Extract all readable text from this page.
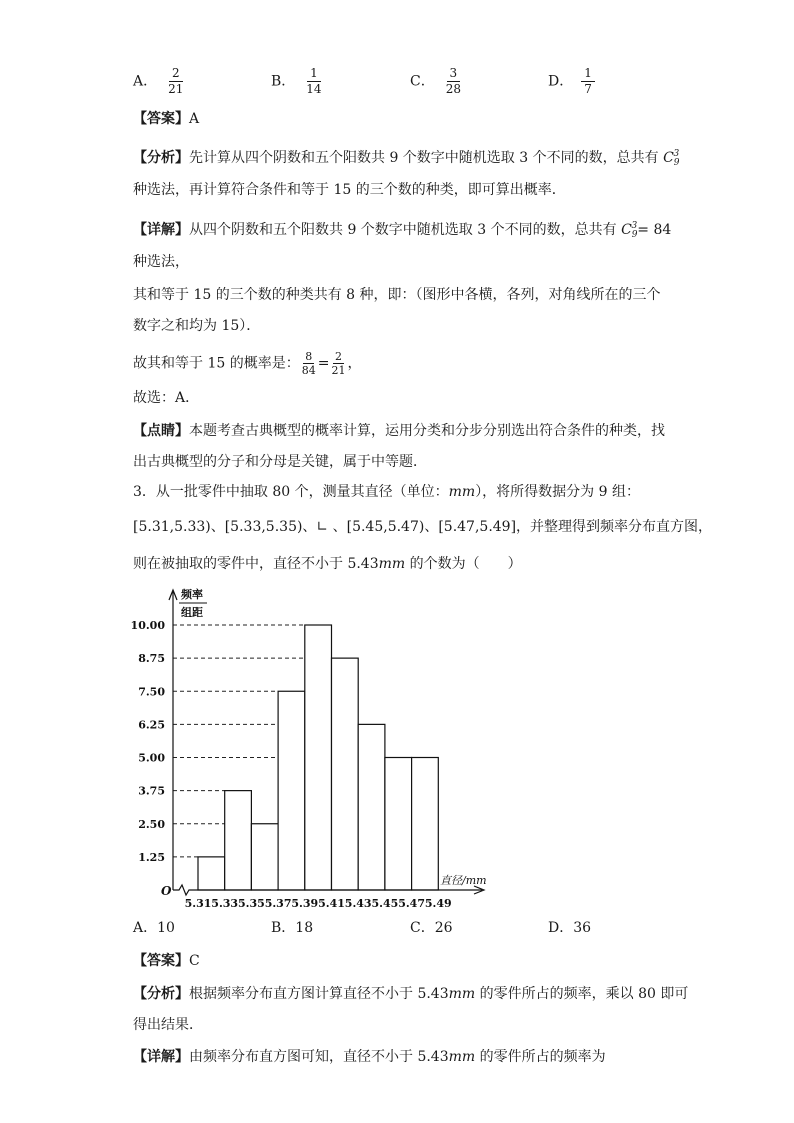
A． $\frac{2}{21}$	B． $\frac{1}{14}$	C． $\frac{3}{28}$	D． $\frac{1}{7}$
【答案】A
【分析】先计算从四个阴数和五个阳数共 9 个数字中随机选取 3 个不同的数，总共有 $C_9^3$
种选法，再计算符合条件和等于 15 的三个数的种类，即可算出概率．
【详解】从四个阴数和五个阳数共 9 个数字中随机选取 3 个不同的数，总共有 $C_9^3= 84$
种选法，
其和等于 15 的三个数的种类共有 8 种，即：（图形中各横，各列，对角线所在的三个
数字之和均为 15）．
故其和等于 15 的概率是： $\frac{8}{84} = \frac{2}{21}$ ，
故选：A．
【点睛】本题考查古典概型的概率计算，运用分类和分步分别选出符合条件的种类，找
出古典概型的分子和分母是关键，属于中等题．
3．从一批零件中抽取 80 个，测量其直径（单位：mm），将所得数据分为 9 组：
[5.31,5.33)、[5.33,5.35)、∟ 、[5.45,5.47)、[5.47,5.49]，并整理得到频率分布直方图，
则在被抽取的零件中，直径不小于 5.43mm 的个数为（　　）
1.25
2.50
3.75
5.00
6.25
7.50
8.75
10.00
5.31 5.33 5.35 5.37 5.39 5.41 5.43 5.45 5.47 5.49
频率
组距
直径/mm
O
A．10	B．18	C．26	D．36
【答案】C
【分析】根据频率分布直方图计算直径不小于 5.43mm 的零件所占的频率，乘以 80 即可
得出结果．
【详解】由频率分布直方图可知，直径不小于 5.43mm 的零件所占的频率为
